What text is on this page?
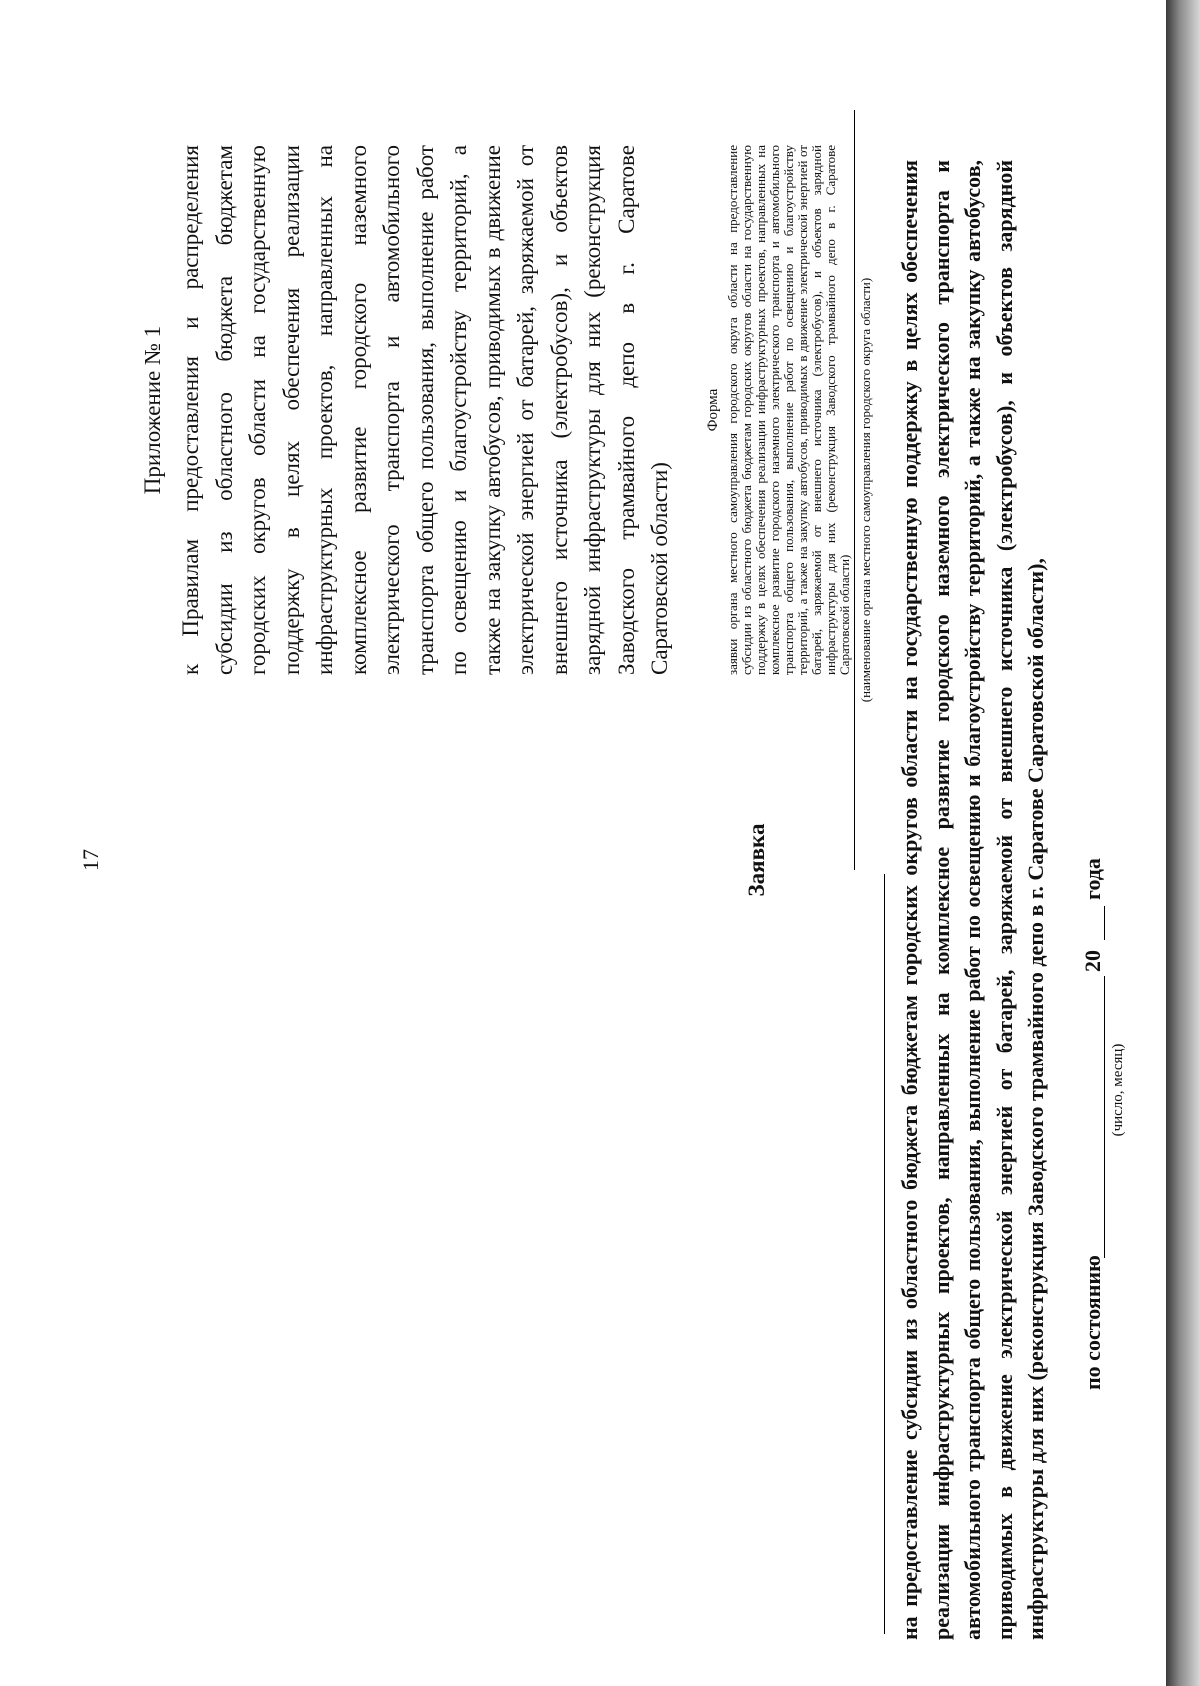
17
Приложение № 1 к Правилам предоставления и распределения субсидии из областного бюджета бюджетам городских округов области на государственную поддержку в целях обеспечения реализации инфраструктурных проектов, направленных на комплексное развитие городского наземного электрического транспорта и автомобильного транспорта общего пользования, выполнение работ по освещению и благоустройству территорий, а также на закупку автобусов, приводимых в движение электрической энергией от батарей, заряжаемой от внешнего источника (электробусов), и объектов зарядной инфраструктуры для них (реконструкция Заводского трамвайного депо в г. Саратове Саратовской области)

Форма заявки органа местного самоуправления городского округа области на предоставление субсидии из областного бюджета бюджетам городских округов области на государственную поддержку в целях обеспечения реализации инфраструктурных проектов, направленных на комплексное развитие городского наземного электрического транспорта и автомобильного транспорта общего пользования, выполнение работ по освещению и благоустройству территорий, а также на закупку автобусов, приводимых в движение электрической энергией от батарей, заряжаемой от внешнего источника (электробусов), и объектов зарядной инфраструктуры для них (реконструкция Заводского трамвайного депо в г. Саратове Саратовской области)

Заявка
(наименование органа местного самоуправления городского округа области) на предоставление субсидии из областного бюджета бюджетам городских округов области на государственную поддержку в целях обеспечения реализации инфраструктурных проектов, направленных на комплексное развитие городского наземного электрического транспорта и автомобильного транспорта общего пользования, выполнение работ по освещению и благоустройству территорий, а также на закупку автобусов, приводимых в движение электрической энергией от батарей, заряжаемой от внешнего источника (электробусов), и объектов зарядной инфраструктуры для них (реконструкция Заводского трамвайного депо в г. Саратове Саратовской области), по состоянию
20
года
(число, месяц)
